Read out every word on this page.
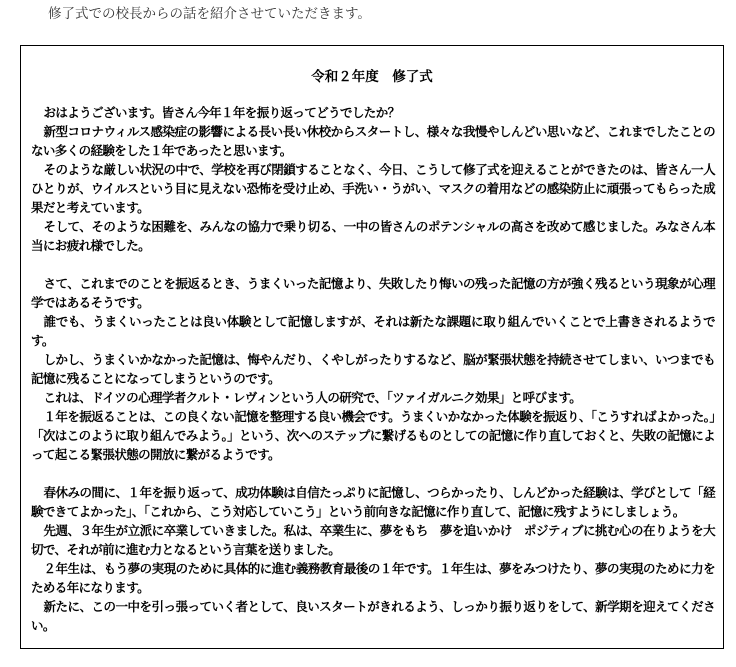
修了式での校長からの話を紹介させていただきます。
令和２年度　修了式

おはようございます。皆さん今年１年を振り返ってどうでしたか？

新型コロナウィルス感染症の影響による長い長い休校からスタートし、様々な我慢やしんどい思いなど、これまでしたことのない多くの経験をした１年であったと思います。

そのような厳しい状況の中で、学校を再び閉鎖することなく、今日、こうして修了式を迎えることができたのは、皆さん一人ひとりが、ウイルスという目に見えない恐怖を受け止め、手洗い・うがい、マスクの着用などの感染防止に頑張ってもらった成果だと考えています。

そして、そのような困難を、みんなの協力で乗り切る、一中の皆さんのポテンシャルの高さを改めて感じました。みなさん本当にお疲れ様でした。

さて、これまでのことを振返るとき、うまくいった記憶より、失敗したり悔いの残った記憶の方が強く残るという現象が心理学ではあるそうです。

誰でも、うまくいったことは良い体験として記憶しますが、それは新たな課題に取り組んでいくことで上書きされるようです。

しかし、うまくいかなかった記憶は、悔やんだり、くやしがったりするなど、脳が緊張状態を持続させてしまい、いつまでも記憶に残ることになってしまうというのです。

これは、ドイツの心理学者クルト・レヴィンという人の研究で、「ツァイガルニク効果」と呼びます。

１年を振返ることは、この良くない記憶を整理する良い機会です。うまくいかなかった体験を振返り、「こうすればよかった。」「次はこのように取り組んでみよう。」という、次へのステップに繋げるものとしての記憶に作り直しておくと、失敗の記憶によって起こる緊張状態の開放に繋がるようです。

春休みの間に、１年を振り返って、成功体験は自信たっぷりに記憶し、つらかったり、しんどかった経験は、学びとして「経験できてよかった」、「これから、こう対応していこう」という前向きな記憶に作り直して、記憶に残すようにしましょう。

先週、３年生が立派に卒業していきました。私は、卒業生に、夢をもち　夢を追いかけ　ポジティブに挑む心の在りようを大切で、それが前に進む力となるという言葉を送りました。

２年生は、もう夢の実現のために具体的に進む義務教育最後の１年です。１年生は、夢をみつけたり、夢の実現のために力をためる年になります。

新たに、この一中を引っ張っていく者として、良いスタートがきれるよう、しっかり振り返りをして、新学期を迎えてください。
